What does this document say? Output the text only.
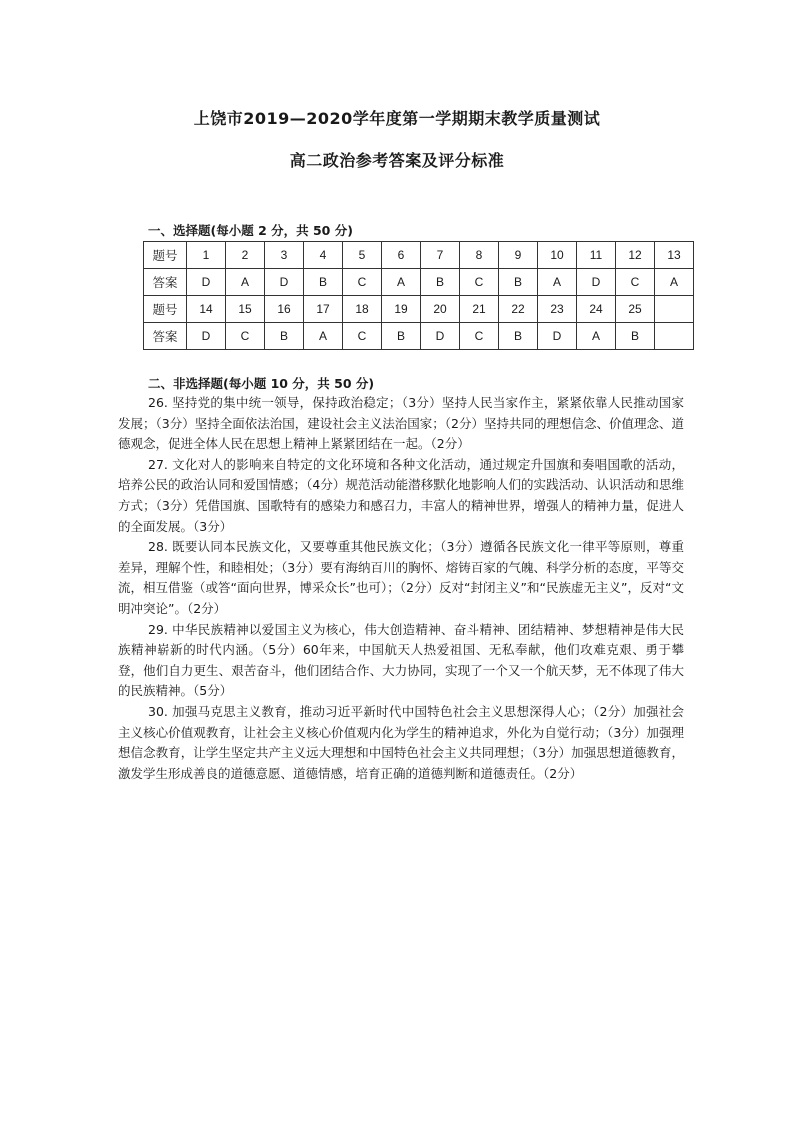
上饶市2019—2020学年度第一学期期末教学质量测试
高二政治参考答案及评分标准
一、选择题(每小题 2 分，共 50 分)
题号	1	2	3	4	5	6	7	8	9	10	11	12	13
答案	D	A	D	B	C	A	B	C	B	A	D	C	A
题号	14	15	16	17	18	19	20	21	22	23	24	25	
答案	D	C	B	A	C	B	D	C	B	D	A	B	
二、非选择题(每小题 10 分，共 50 分)

26. 坚持党的集中统一领导，保持政治稳定；（3分）坚持人民当家作主，紧紧依靠人民推动国家发展；（3分）坚持全面依法治国，建设社会主义法治国家；（2分）坚持共同的理想信念、价值理念、道德观念，促进全体人民在思想上精神上紧紧团结在一起。（2分）

27. 文化对人的影响来自特定的文化环境和各种文化活动，通过规定升国旗和奏唱国歌的活动，培养公民的政治认同和爱国情感；（4分）规范活动能潜移默化地影响人们的实践活动、认识活动和思维方式；（3分）凭借国旗、国歌特有的感染力和感召力，丰富人的精神世界，增强人的精神力量，促进人的全面发展。（3分）

28. 既要认同本民族文化，又要尊重其他民族文化；（3分）遵循各民族文化一律平等原则，尊重差异，理解个性，和睦相处；（3分）要有海纳百川的胸怀、熔铸百家的气魄、科学分析的态度，平等交流，相互借鉴（或答“面向世界，博采众长”也可）；（2分）反对“封闭主义”和“民族虚无主义”，反对“文明冲突论”。（2分）

29. 中华民族精神以爱国主义为核心，伟大创造精神、奋斗精神、团结精神、梦想精神是伟大民族精神崭新的时代内涵。（5分）60年来，中国航天人热爱祖国、无私奉献，他们攻难克艰、勇于攀登，他们自力更生、艰苦奋斗，他们团结合作、大力协同，实现了一个又一个航天梦，无不体现了伟大的民族精神。（5分）

30. 加强马克思主义教育，推动习近平新时代中国特色社会主义思想深得人心；（2分）加强社会主义核心价值观教育，让社会主义核心价值观内化为学生的精神追求，外化为自觉行动；（3分）加强理想信念教育，让学生坚定共产主义远大理想和中国特色社会主义共同理想；（3分）加强思想道德教育，激发学生形成善良的道德意愿、道德情感，培育正确的道德判断和道德责任。（2分）
